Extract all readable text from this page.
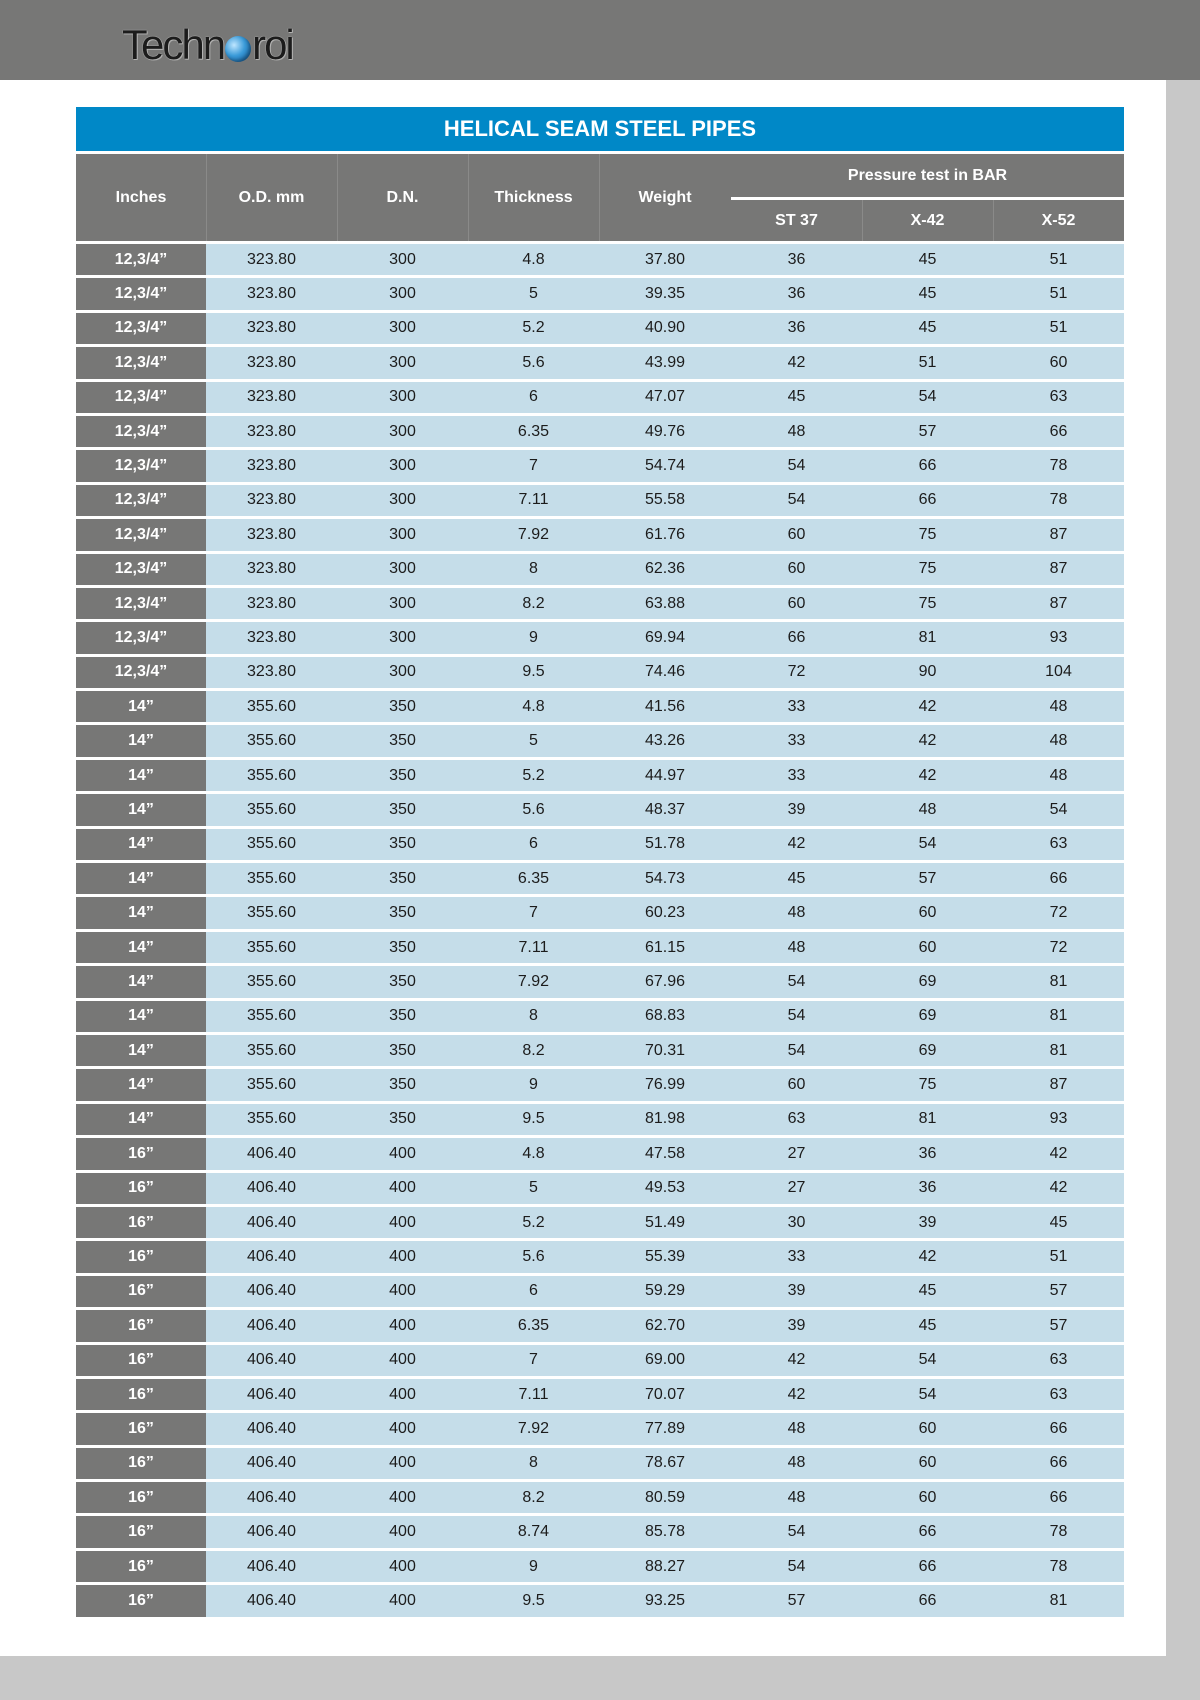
Techn roi
HELICAL SEAM STEEL PIPES
Inches	O.D. mm	D.N.	Thickness	Weight
Pressure test in BAR
ST 37	X-42	X-52
12,3/4”	323.80	300	4.8	37.80	36	45	51
12,3/4”	323.80	300	5	39.35	36	45	51
12,3/4”	323.80	300	5.2	40.90	36	45	51
12,3/4”	323.80	300	5.6	43.99	42	51	60
12,3/4”	323.80	300	6	47.07	45	54	63
12,3/4”	323.80	300	6.35	49.76	48	57	66
12,3/4”	323.80	300	7	54.74	54	66	78
12,3/4”	323.80	300	7.11	55.58	54	66	78
12,3/4”	323.80	300	7.92	61.76	60	75	87
12,3/4”	323.80	300	8	62.36	60	75	87
12,3/4”	323.80	300	8.2	63.88	60	75	87
12,3/4”	323.80	300	9	69.94	66	81	93
12,3/4”	323.80	300	9.5	74.46	72	90	104
14”	355.60	350	4.8	41.56	33	42	48
14”	355.60	350	5	43.26	33	42	48
14”	355.60	350	5.2	44.97	33	42	48
14”	355.60	350	5.6	48.37	39	48	54
14”	355.60	350	6	51.78	42	54	63
14”	355.60	350	6.35	54.73	45	57	66
14”	355.60	350	7	60.23	48	60	72
14”	355.60	350	7.11	61.15	48	60	72
14”	355.60	350	7.92	67.96	54	69	81
14”	355.60	350	8	68.83	54	69	81
14”	355.60	350	8.2	70.31	54	69	81
14”	355.60	350	9	76.99	60	75	87
14”	355.60	350	9.5	81.98	63	81	93
16”	406.40	400	4.8	47.58	27	36	42
16”	406.40	400	5	49.53	27	36	42
16”	406.40	400	5.2	51.49	30	39	45
16”	406.40	400	5.6	55.39	33	42	51
16”	406.40	400	6	59.29	39	45	57
16”	406.40	400	6.35	62.70	39	45	57
16”	406.40	400	7	69.00	42	54	63
16”	406.40	400	7.11	70.07	42	54	63
16”	406.40	400	7.92	77.89	48	60	66
16”	406.40	400	8	78.67	48	60	66
16”	406.40	400	8.2	80.59	48	60	66
16”	406.40	400	8.74	85.78	54	66	78
16”	406.40	400	9	88.27	54	66	78
16”	406.40	400	9.5	93.25	57	66	81
